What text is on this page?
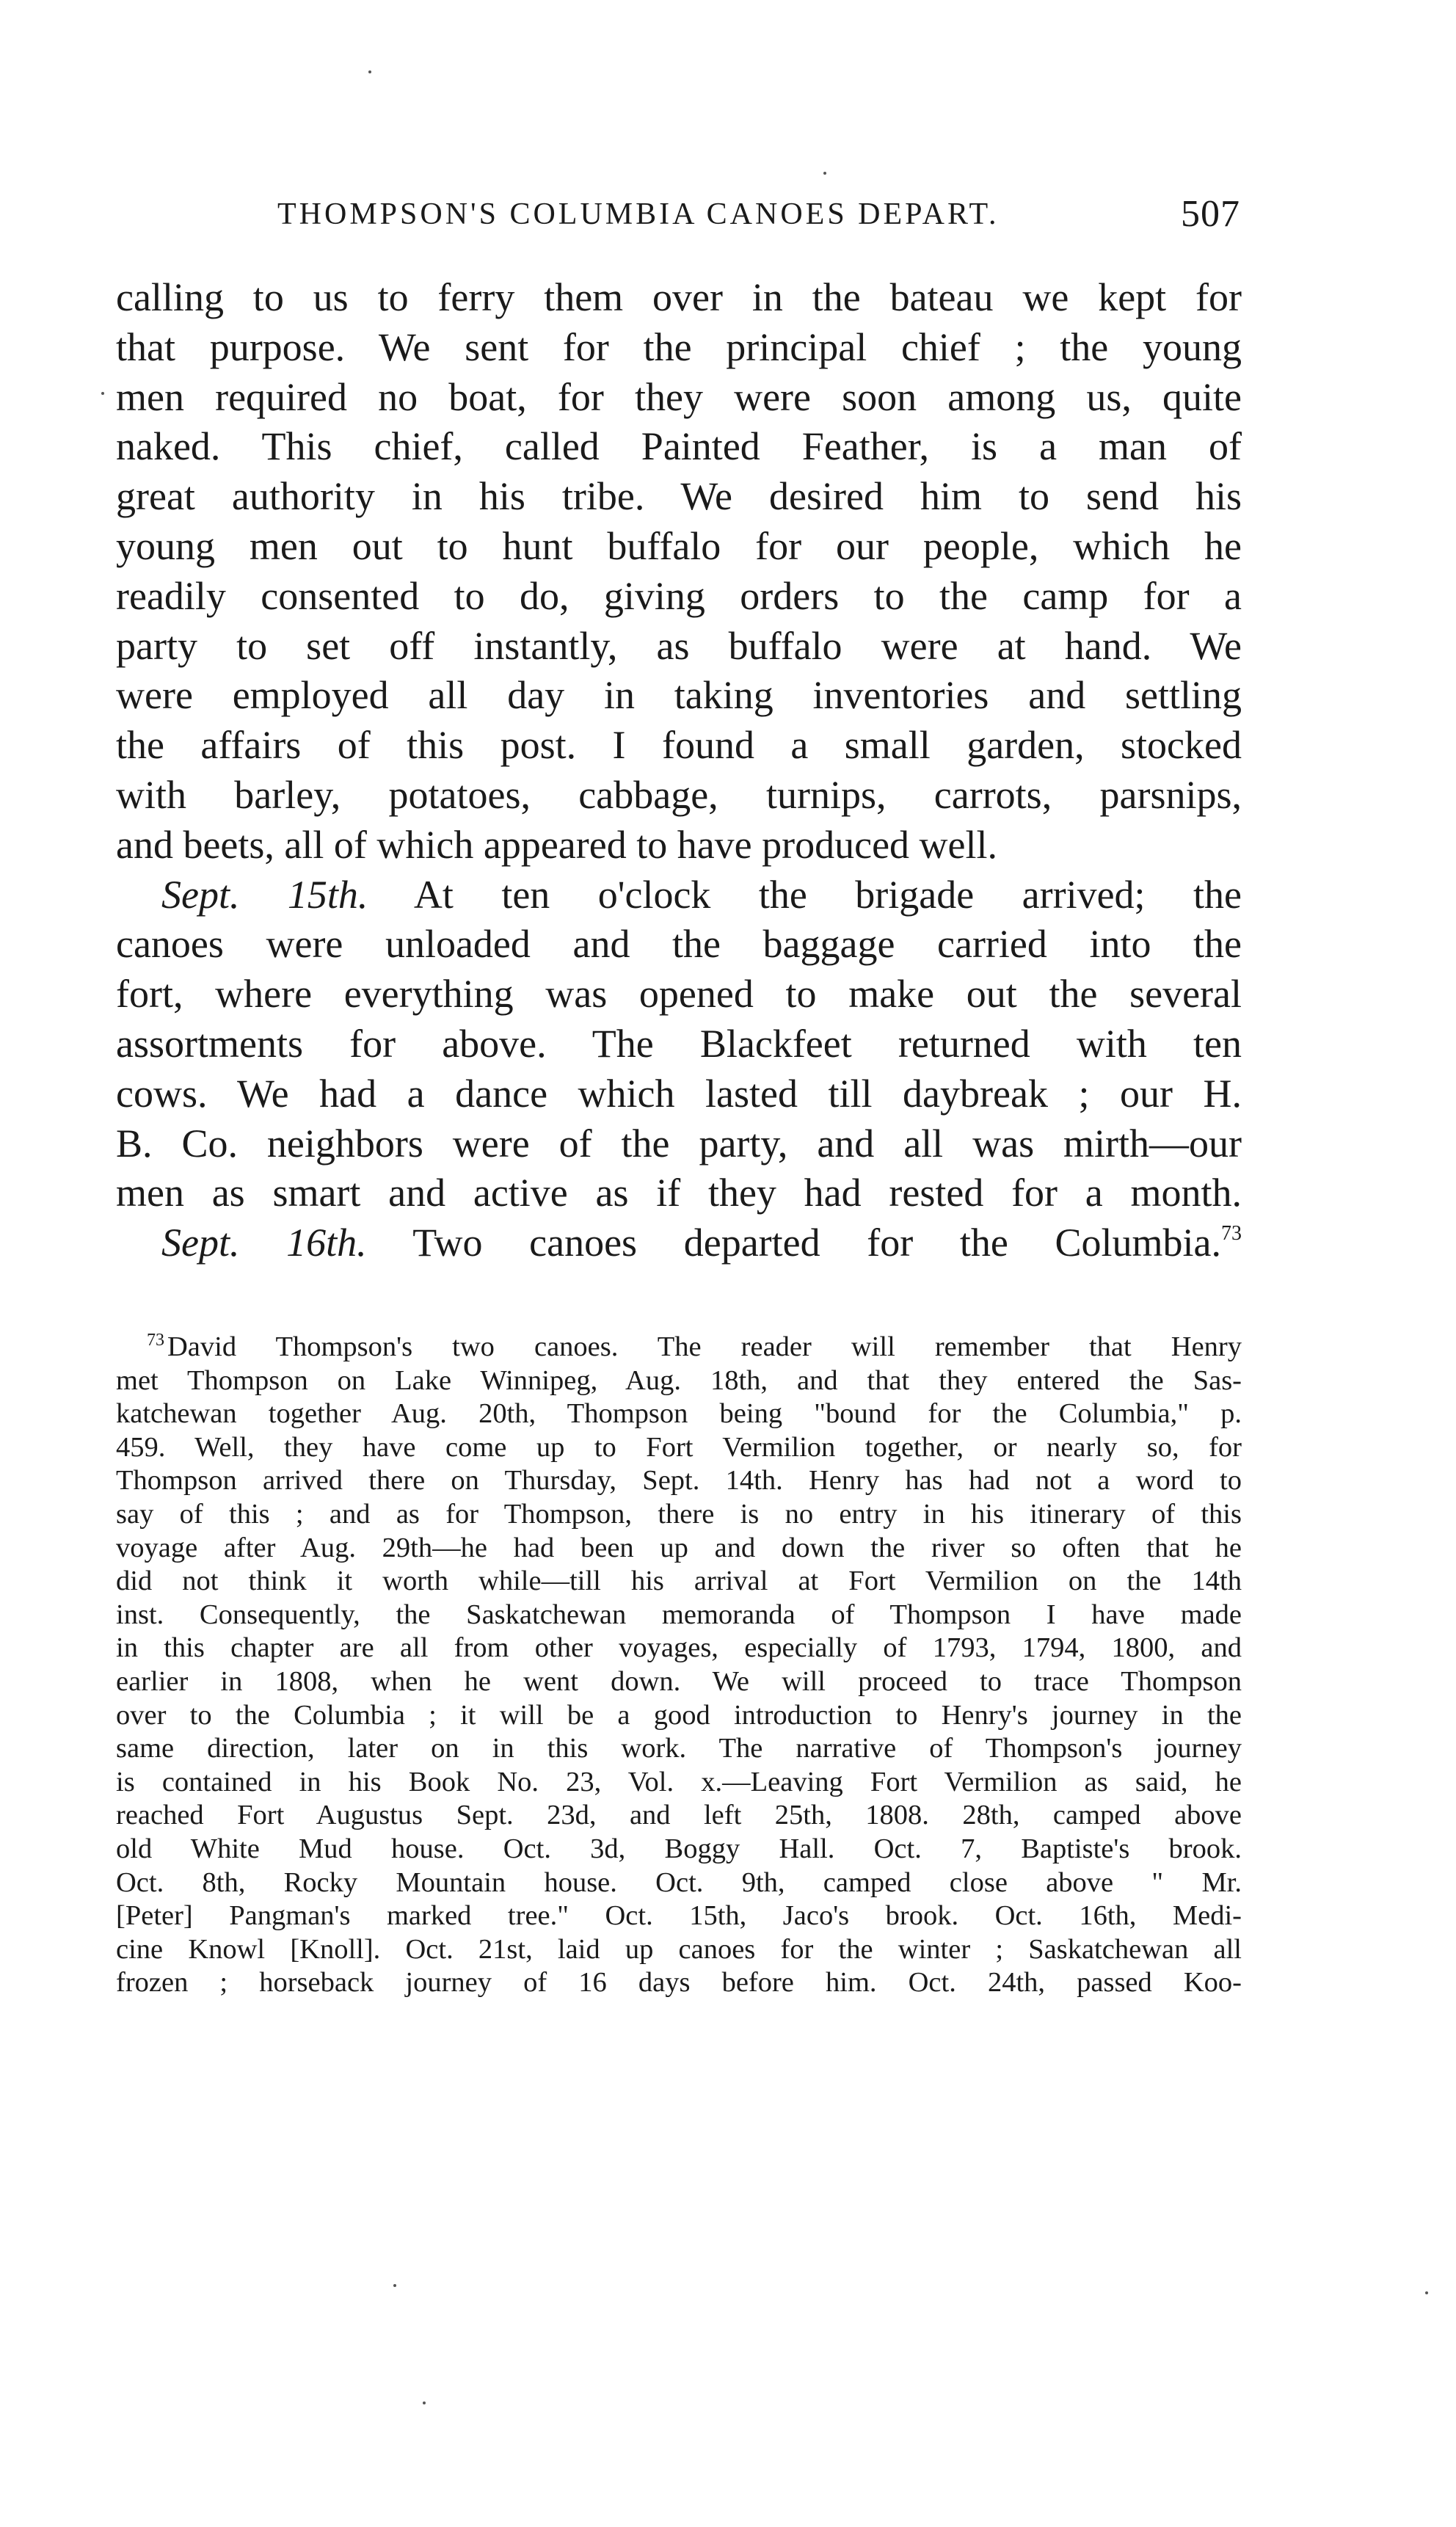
THOMPSON'S COLUMBIA CANOES DEPART.	507
calling to us to ferry them over in the bateau we kept for
that purpose. We sent for the principal chief ; the young
men required no boat, for they were soon among us, quite
naked. This chief, called Painted Feather, is a man of
great authority in his tribe. We desired him to send his
young men out to hunt buffalo for our people, which he
readily consented to do, giving orders to the camp for a
party to set off instantly, as buffalo were at hand. We
were employed all day in taking inventories and settling
the affairs of this post. I found a small garden, stocked
with barley, potatoes, cabbage, turnips, carrots, parsnips,
and beets, all of which appeared to have produced well.
Sept. 15th. At ten o'clock the brigade arrived; the
canoes were unloaded and the baggage carried into the
fort, where everything was opened to make out the several
assortments for above. The Blackfeet returned with ten
cows. We had a dance which lasted till daybreak ; our H.
B. Co. neighbors were of the party, and all was mirth—our
men as smart and active as if they had rested for a month.
Sept. 16th. Two canoes departed for the Columbia.$^{73}$
$^{73}$ David Thompson's two canoes. The reader will remember that Henry
met Thompson on Lake Winnipeg, Aug. 18th, and that they entered the Sas-
katchewan together Aug. 20th, Thompson being "bound for the Columbia," p.
459. Well, they have come up to Fort Vermilion together, or nearly so, for
Thompson arrived there on Thursday, Sept. 14th. Henry has had not a word to
say of this ; and as for Thompson, there is no entry in his itinerary of this
voyage after Aug. 29th—he had been up and down the river so often that he
did not think it worth while—till his arrival at Fort Vermilion on the 14th
inst. Consequently, the Saskatchewan memoranda of Thompson I have made
in this chapter are all from other voyages, especially of 1793, 1794, 1800, and
earlier in 1808, when he went down. We will proceed to trace Thompson
over to the Columbia ; it will be a good introduction to Henry's journey in the
same direction, later on in this work. The narrative of Thompson's journey
is contained in his Book No. 23, Vol. x.—Leaving Fort Vermilion as said, he
reached Fort Augustus Sept. 23d, and left 25th, 1808. 28th, camped above
old White Mud house. Oct. 3d, Boggy Hall. Oct. 7, Baptiste's brook.
Oct. 8th, Rocky Mountain house. Oct. 9th, camped close above " Mr.
[Peter] Pangman's marked tree." Oct. 15th, Jaco's brook. Oct. 16th, Medi-
cine Knowl [Knoll]. Oct. 21st, laid up canoes for the winter ; Saskatchewan all
frozen ; horseback journey of 16 days before him. Oct. 24th, passed Koo-
